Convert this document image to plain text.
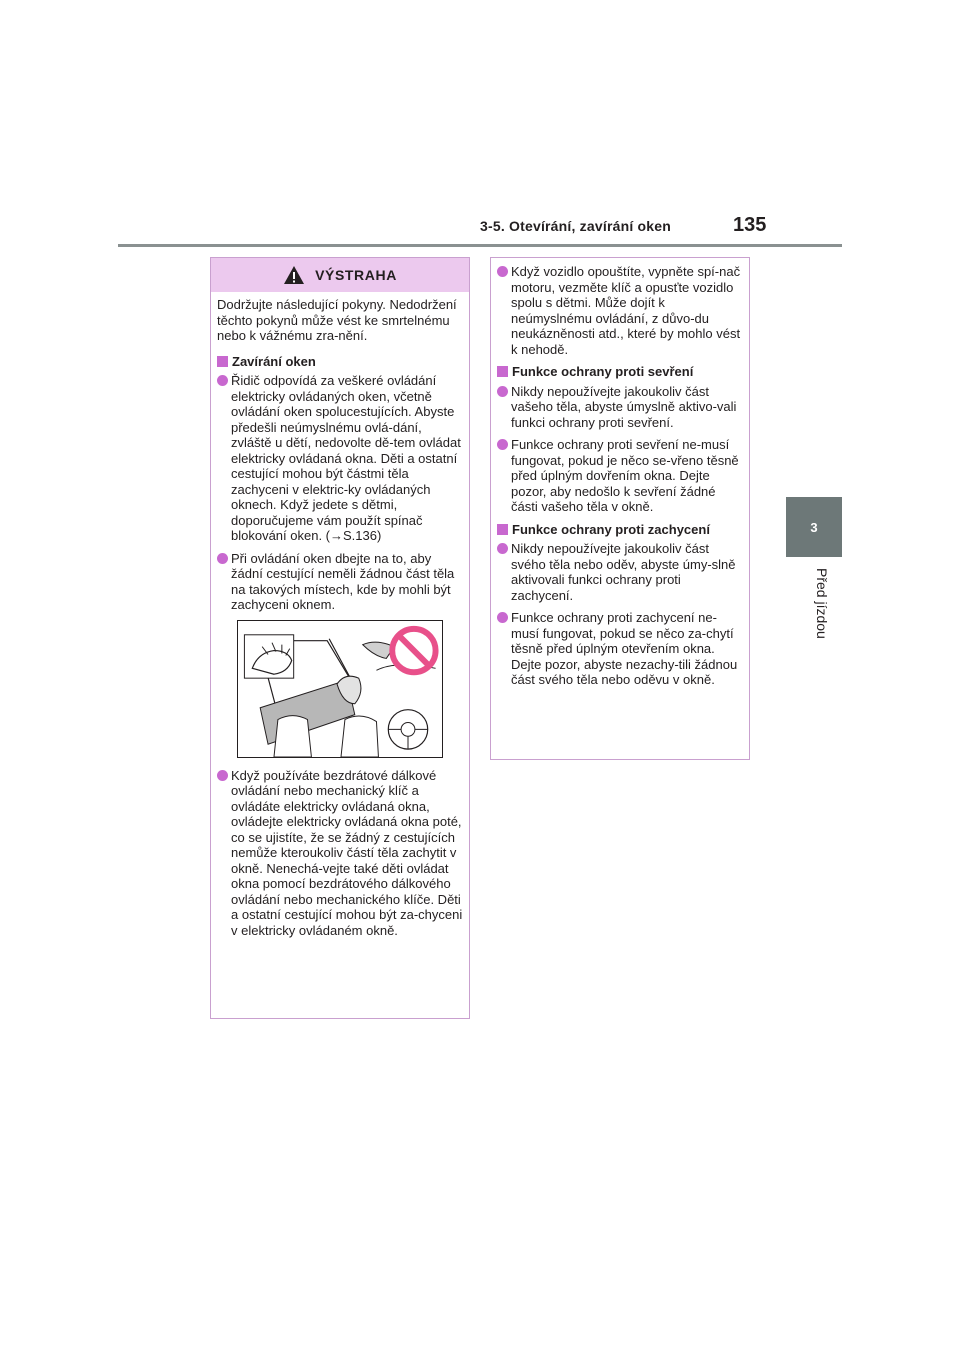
3-5. Otevírání, zavírání oken	135
3
Před jízdou
VÝSTRAHA

Dodržujte následující pokyny. Nedodržení těchto pokynů může vést ke smrtelnému nebo k vážnému zra-nění.

Zavírání oken
Řidič odpovídá za veškeré ovládání elektricky ovládaných oken, včetně ovládání oken spolucestujících. Abyste předešli neúmyslnému ovlá-dání, zvláště u dětí, nedovolte dě-tem ovládat elektricky ovládaná okna. Děti a ostatní cestující mohou být částmi těla zachyceni v elektric-ky ovládaných oknech. Když jedete s dětmi, doporučujeme vám použít spínač blokování oken. (→S.136)
Při ovládání oken dbejte na to, aby žádní cestující neměli žádnou část těla na takových místech, kde by mohli být zachyceni oknem.
Když používáte bezdrátové dálkové ovládání nebo mechanický klíč a ovládáte elektricky ovládaná okna, ovládejte elektricky ovládaná okna poté, co se ujistíte, že se žádný z cestujících nemůže kteroukoliv částí těla zachytit v okně. Nenechá-vejte také děti ovládat okna pomocí bezdrátového dálkového ovládání nebo mechanického klíče. Děti a ostatní cestující mohou být za-chyceni v elektricky ovládaném okně.
Když vozidlo opouštíte, vypněte spí-nač motoru, vezměte klíč a opusťte vozidlo spolu s dětmi. Může dojít k neúmyslnému ovládání, z důvo-du neukázněnosti atd., které by mohlo vést k nehodě.
Funkce ochrany proti sevření
Nikdy nepoužívejte jakoukoliv část vašeho těla, abyste úmyslně aktivo-vali funkci ochrany proti sevření.
Funkce ochrany proti sevření ne-musí fungovat, pokud je něco se-vřeno těsně před úplným dovřením okna. Dejte pozor, aby nedošlo k sevření žádné části vašeho těla v okně.
Funkce ochrany proti zachycení
Nikdy nepoužívejte jakoukoliv část svého těla nebo oděv, abyste úmy-slně aktivovali funkci ochrany proti zachycení.
Funkce ochrany proti zachycení ne-musí fungovat, pokud se něco za-chytí těsně před úplným otevřením okna. Dejte pozor, abyste nezachy-tili žádnou část svého těla nebo oděvu v okně.
